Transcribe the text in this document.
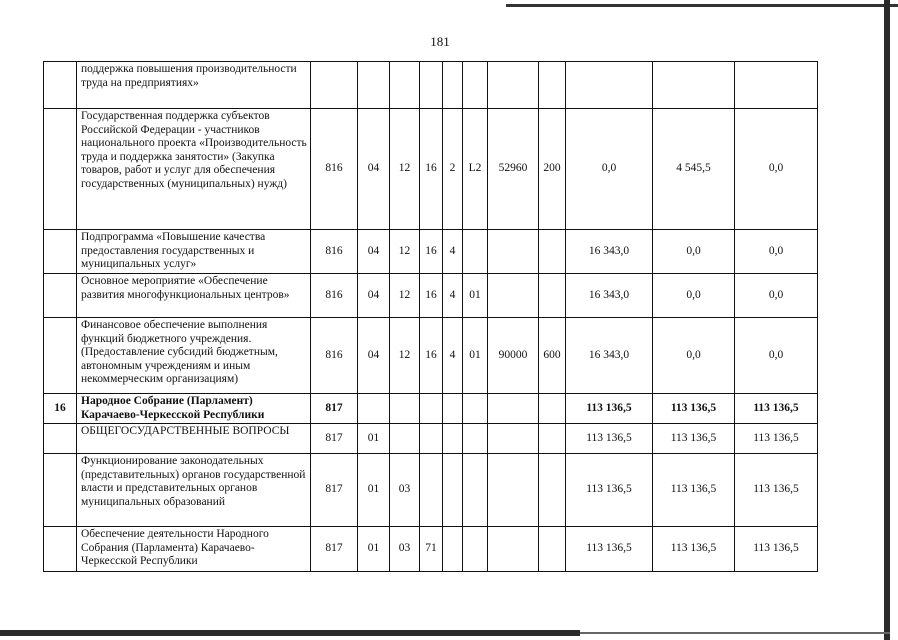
181
	поддержка повышения производительности труда на предприятиях»											
	Государственная поддержка субъектов Российской Федерации - участников национального проекта «Производительность труда и поддержка занятости» (Закупка товаров, работ и услуг для обеспечения государственных (муниципальных) нужд)	816	04	12	16	2	L2	52960	200	0,0	4 545,5	0,0
	Подпрограмма «Повышение качества предоставления государственных и муниципальных услуг»	816	04	12	16	4				16 343,0	0,0	0,0
	Основное мероприятие «Обеспечение развития многофункциональных центров»	816	04	12	16	4	01			16 343,0	0,0	0,0
	Финансовое обеспечение выполнения функций бюджетного учреждения. (Предоставление субсидий бюджетным, автономным учреждениям и иным некоммерческим организациям)	816	04	12	16	4	01	90000	600	16 343,0	0,0	0,0
16	Народное Собрание (Парламент) Карачаево-Черкесской Республики	817								113 136,5	113 136,5	113 136,5
	ОБЩЕГОСУДАРСТВЕННЫЕ ВОПРОСЫ	817	01							113 136,5	113 136,5	113 136,5
	Функционирование законодательных (представительных) органов государственной власти и представительных органов муниципальных образований	817	01	03						113 136,5	113 136,5	113 136,5
	Обеспечение деятельности Народного Собрания (Парламента) Карачаево-Черкесской Республики	817	01	03	71					113 136,5	113 136,5	113 136,5
